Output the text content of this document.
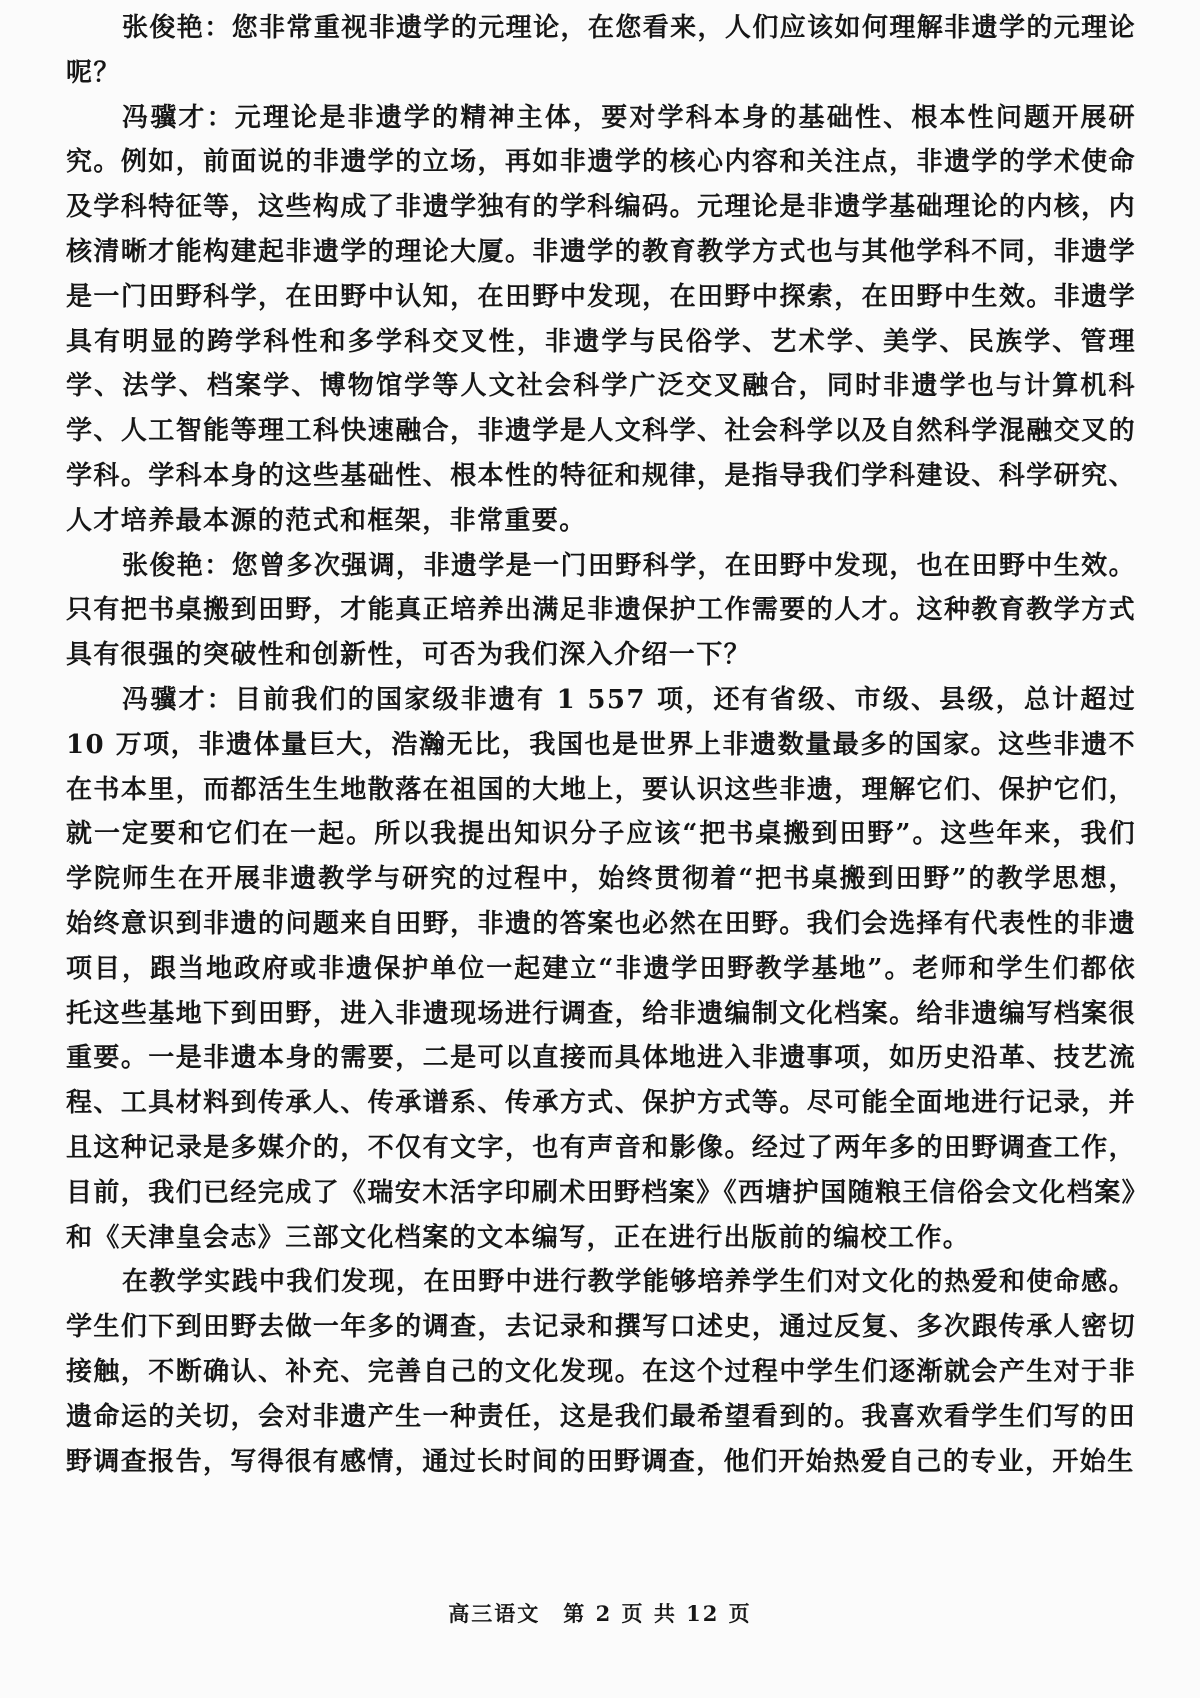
张俊艳：您非常重视非遗学的元理论，在您看来，人们应该如何理解非遗学的元理论呢？

冯骥才：元理论是非遗学的精神主体，要对学科本身的基础性、根本性问题开展研究。例如，前面说的非遗学的立场，再如非遗学的核心内容和关注点，非遗学的学术使命及学科特征等，这些构成了非遗学独有的学科编码。元理论是非遗学基础理论的内核，内核清晰才能构建起非遗学的理论大厦。非遗学的教育教学方式也与其他学科不同，非遗学是一门田野科学，在田野中认知，在田野中发现，在田野中探索，在田野中生效。非遗学具有明显的跨学科性和多学科交叉性，非遗学与民俗学、艺术学、美学、民族学、管理学、法学、档案学、博物馆学等人文社会科学广泛交叉融合，同时非遗学也与计算机科学、人工智能等理工科快速融合，非遗学是人文科学、社会科学以及自然科学混融交叉的学科。学科本身的这些基础性、根本性的特征和规律，是指导我们学科建设、科学研究、人才培养最本源的范式和框架，非常重要。

张俊艳：您曾多次强调，非遗学是一门田野科学，在田野中发现，也在田野中生效。只有把书桌搬到田野，才能真正培养出满足非遗保护工作需要的人才。这种教育教学方式具有很强的突破性和创新性，可否为我们深入介绍一下？

冯骥才：目前我们的国家级非遗有 1 557 项，还有省级、市级、县级，总计超过 10 万项，非遗体量巨大，浩瀚无比，我国也是世界上非遗数量最多的国家。这些非遗不在书本里，而都活生生地散落在祖国的大地上，要认识这些非遗，理解它们、保护它们，就一定要和它们在一起。所以我提出知识分子应该“把书桌搬到田野”。这些年来，我们学院师生在开展非遗教学与研究的过程中，始终贯彻着“把书桌搬到田野”的教学思想，始终意识到非遗的问题来自田野，非遗的答案也必然在田野。我们会选择有代表性的非遗项目，跟当地政府或非遗保护单位一起建立“非遗学田野教学基地”。老师和学生们都依托这些基地下到田野，进入非遗现场进行调查，给非遗编制文化档案。给非遗编写档案很重要。一是非遗本身的需要，二是可以直接而具体地进入非遗事项，如历史沿革、技艺流程、工具材料到传承人、传承谱系、传承方式、保护方式等。尽可能全面地进行记录，并且这种记录是多媒介的，不仅有文字，也有声音和影像。经过了两年多的田野调查工作，目前，我们已经完成了《瑞安木活字印刷术田野档案》《西塘护国随粮王信俗会文化档案》和《天津皇会志》三部文化档案的文本编写，正在进行出版前的编校工作。

在教学实践中我们发现，在田野中进行教学能够培养学生们对文化的热爱和使命感。学生们下到田野去做一年多的调查，去记录和撰写口述史，通过反复、多次跟传承人密切接触，不断确认、补充、完善自己的文化发现。在这个过程中学生们逐渐就会产生对于非遗命运的关切，会对非遗产生一种责任，这是我们最希望看到的。我喜欢看学生们写的田野调查报告，写得很有感情，通过长时间的田野调查，他们开始热爱自己的专业，开始生

高三语文　第 2 页 共 12 页
